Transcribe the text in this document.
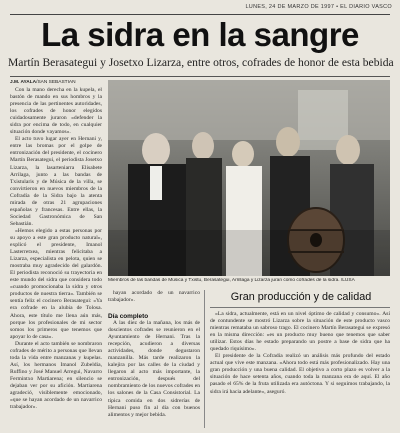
LUNES, 24 DE MARZO DE 1997 • EL DIARIO VASCO
La sidra en la sangre
Martín Berasategui y Josetxo Lizarza, entre otros, cofrades de honor de esta bebida
J.M. AYALA/SAN SEBASTIAN

Con la mano derecha en la kupela, el bastón de mando en sus hombros y la presencia de las pertinentes autoridades, los cofrades de honor elegidos cuidadosamente juraron «defender la sidra por encima de todo, en cualquier situación donde vayamos».

El acto tuvo lugar ayer en Hernani y, entre las bromas por el golpe de entronización del presidente, el cocinero Martín Berasategui, el periodista Josetxo Lizarza, la lasarteniarra Elisabete Arrilaga, junto a las bandas de Txistularis y de Música de la villa, se convirtieron en nuevos miembros de la Cofradía de la Sidra bajo la atenta mirada de otras 21 agrupaciones españolas y francesas. Entre ellas, la Sociedad Gastronómica de San Sebastián.

«Hemos elegido a estas personas por su apoyo a este gran producto natural», explicó el presidente, Imanol Lasterretxea, mientras felicitaba a Lizarza, especialista en pelota, quien se mostraba muy agradecido del galardón. El periodista reconoció su trayectoria en este mundo del sidra que considera todo «cuando promocionaba la sidra y otros productos de nuestra tierra». También se sentía feliz el cocinero Berasategui: «Ya era cofrade en la alubia de Tolosa. Ahora, este título me llena aún más, porque los profesionales de mi sector somos los primeros que tenemos que apoyar lo de casa».

Durante el acto también se nombraron cofrades de mérito a personas que llevan toda la vida entre manzanas y kupelas. Así, los hermanos Imanol Zubeldia, Ruffino y José Manuel Arregui, Navarro Fermintxo Martiarena; en silencio se dejaban ver por su afición. Martiarena agradeció, visiblemente emocionado, «que se hayan acordado de un navarrico trabajador».

Miembros de las bandas de Música y Txistu, Berasategui, Arrillaga y Lizarza juran como cofrades de la sidra. /LUSA

hayan acordado de un navarrico trabajador».

Día completo

A las diez de la mañana, los más de doscientos cofrades se reunieron en el Ayuntamiento de Hernani. Tras la recepción, acudieron a diversas actividades, donde degustaron manzanilla. Más tarde realizaron la kalejira por las calles de la ciudad y llegaron al acto más importante, la entronización, después del nombramiento de los nuevos cofrades en los salones de la Casa Consistorial. La típica comida en dos sidrerías de Hernani puso fin al día con buenos alimentos y mejor bebida.

Gran producción y de calidad

«La sidra, actualmente, está en un nivel óptimo de calidad y consumo». Así de contundente se mostró Lizarza sobre la situación de este producto vasco mientras remataba un sabroso trago. El cocinero Martín Berasategui se expresó en la misma dirección: «es un producto muy bueno que tenemos que saber utilizar. Estos días he estado preparando un postre a base de sidra que ha quedado riquísimo».

El presidente de la Cofradía realizó un análisis más profundo del estado actual que vive este manzana. «Ahora todo está más profesionalizado. Hay una gran producción y una buena calidad. El objetivo a corto plazo es volver a la situación de hace setenta años, cuando toda la manzana era de aquí. El año pasado el 65% de la fruta utilizada era autóctona. Y si seguimos trabajando, la sidra irá hacia adelante», aseguró.
